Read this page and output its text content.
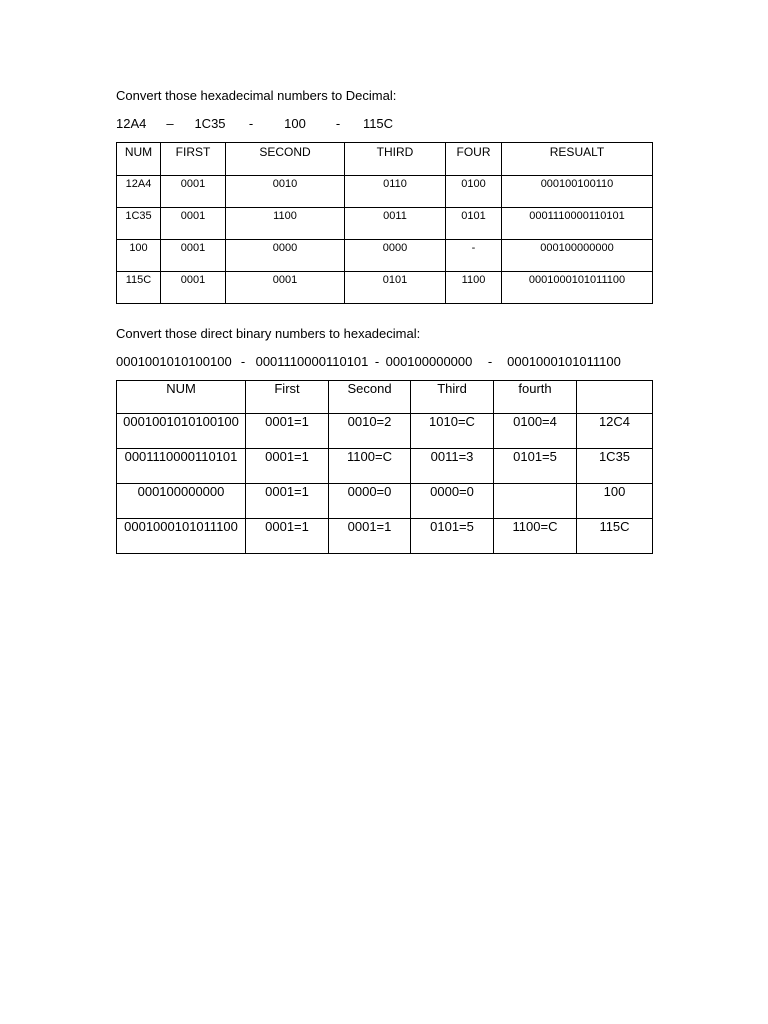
Convert those hexadecimal numbers to Decimal:
12A4 – 1C35 - 100 - 115C
NUM	FIRST	SECOND	THIRD	FOUR	RESUALT
12A4	0001	0010	0110	0100	000100100110
1C35	0001	1100	0011	0101	0001110000110101
100	0001	0000	0000	-	000100000000
115C	0001	0001	0101	1100	0001000101011100
Convert those direct binary numbers to hexadecimal:
0001001010100100 - 0001110000110101 - 000100000000 - 0001000101011100
NUM	First	Second	Third	fourth	
0001001010100100	0001=1	0010=2	1010=C	0100=4	12C4
0001110000110101	0001=1	1100=C	0011=3	0101=5	1C35
000100000000	0001=1	0000=0	0000=0		100
0001000101011100	0001=1	0001=1	0101=5	1100=C	115C
